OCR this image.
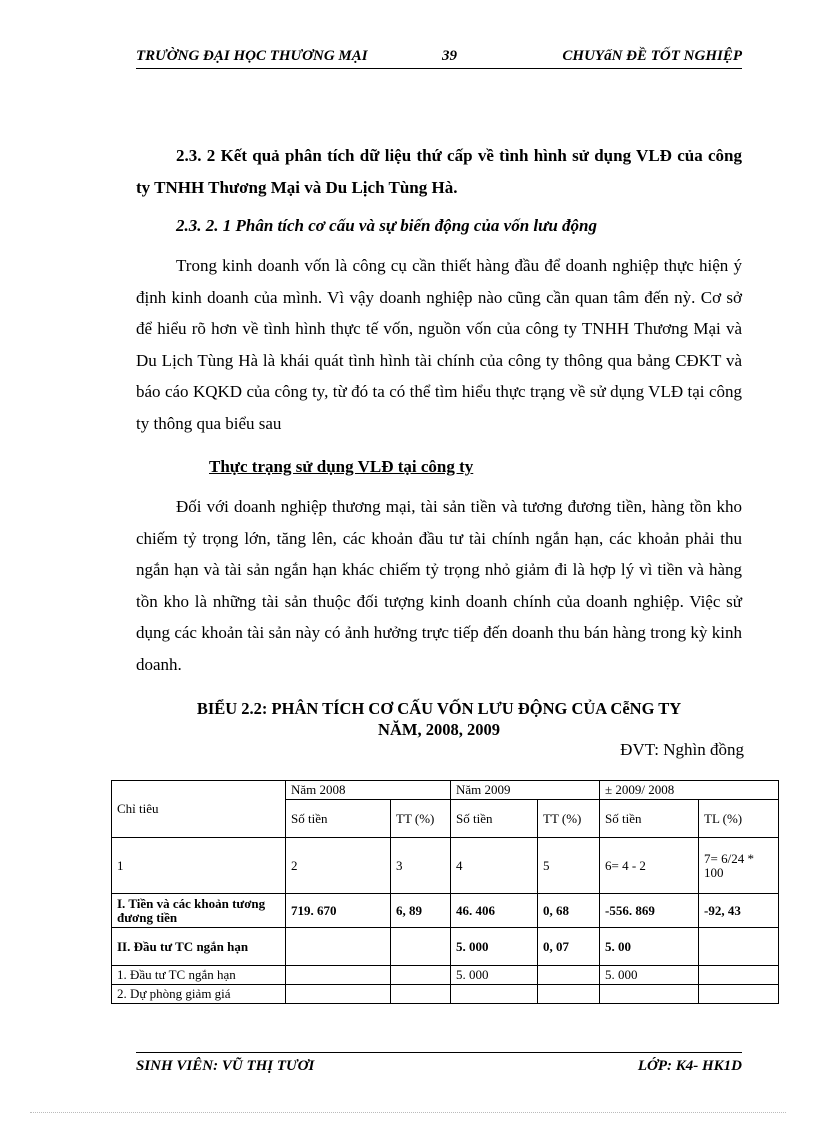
TRƯỜNG ĐẠI HỌC THƯƠNG MẠI	39	CHUYấN ĐỀ TỐT NGHIỆP
2.3. 2 Kết quả phân tích dữ liệu thứ cấp về tình hình sử dụng VLĐ của công ty TNHH Thương Mại và Du Lịch Tùng Hà.
2.3. 2. 1 Phân tích cơ cấu và sự biến động của vốn lưu động
Trong kinh doanh vốn là công cụ cần thiết hàng đầu để doanh nghiệp thực hiện ý định kinh doanh của mình. Vì vậy doanh nghiệp nào cũng cần quan tâm đến nỳ. Cơ sở để hiểu rõ hơn về tình hình thực tế vốn, nguồn vốn của công ty TNHH Thương Mại và Du Lịch Tùng Hà là khái quát tình hình tài chính của công ty thông qua bảng CĐKT và báo cáo KQKD của công ty, từ đó ta có thể tìm hiểu thực trạng về sử dụng VLĐ tại công ty thông qua biểu sau
Thực trạng sử dụng VLĐ tại công ty
Đối với doanh nghiệp thương mại, tài sản tiền và tương đương tiền, hàng tồn kho chiếm tỷ trọng lớn, tăng lên, các khoản đầu tư tài chính ngắn hạn, các khoản phải thu ngắn hạn và tài sản ngắn hạn khác chiếm tỷ trọng nhỏ giảm đi là hợp lý vì tiền và hàng tồn kho là những tài sản thuộc đối tượng kinh doanh chính của doanh nghiệp. Việc sử dụng các khoản tài sản này có ảnh hưởng trực tiếp đến doanh thu bán hàng trong kỳ kinh doanh.
BIỂU 2.2: PHÂN TÍCH CƠ CẤU VỐN LƯU ĐỘNG CỦA CễNG TY
NĂM, 2008, 2009
ĐVT: Nghìn đồng
Chỉ tiêu	Năm 2008		Năm 2009		± 2009/ 2008	
	Số tiền	TT (%)	Số tiền	TT (%)	Số tiền	TL (%)
1	2	3	4	5	6= 4 - 2	7= 6/24 * 100
I. Tiền và các khoản tương đương tiền	719. 670	6, 89	46. 406	0, 68	-556. 869	-92, 43
II. Đầu tư TC ngắn hạn			5. 000	0, 07	5. 00	
1. Đầu tư TC ngắn hạn			5. 000		5. 000	
2. Dự phòng giảm giá						
SINH VIÊN: VŨ THỊ TƯƠI	LỚP: K4- HK1D
